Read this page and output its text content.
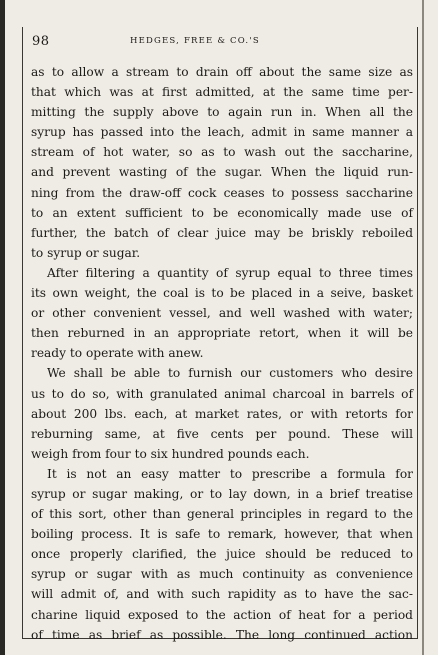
98	HEDGES, FREE & CO.'S
as to allow a stream to drain off about the same size as
that which was at first admitted, at the same time per-
mitting the supply above to again run in. When all the
syrup has passed into the leach, admit in same manner a
stream of hot water, so as to wash out the saccharine,
and prevent wasting of the sugar. When the liquid run-
ning from the draw-off cock ceases to possess saccharine
to an extent sufficient to be economically made use of
further, the batch of clear juice may be briskly reboiled
to syrup or sugar.
After filtering a quantity of syrup equal to three times
its own weight, the coal is to be placed in a seive, basket
or other convenient vessel, and well washed with water;
then reburned in an appropriate retort, when it will be
ready to operate with anew.
We shall be able to furnish our customers who desire
us to do so, with granulated animal charcoal in barrels of
about 200 lbs. each, at market rates, or with retorts for
reburning same, at five cents per pound. These will
weigh from four to six hundred pounds each.
It is not an easy matter to prescribe a formula for
syrup or sugar making, or to lay down, in a brief treatise
of this sort, other than general principles in regard to the
boiling process. It is safe to remark, however, that when
once properly clarified, the juice should be reduced to
syrup or sugar with as much continuity as convenience
will admit of, and with such rapidity as to have the sac-
charine liquid exposed to the action of heat for a period
of time as brief as possible. The long continued action
